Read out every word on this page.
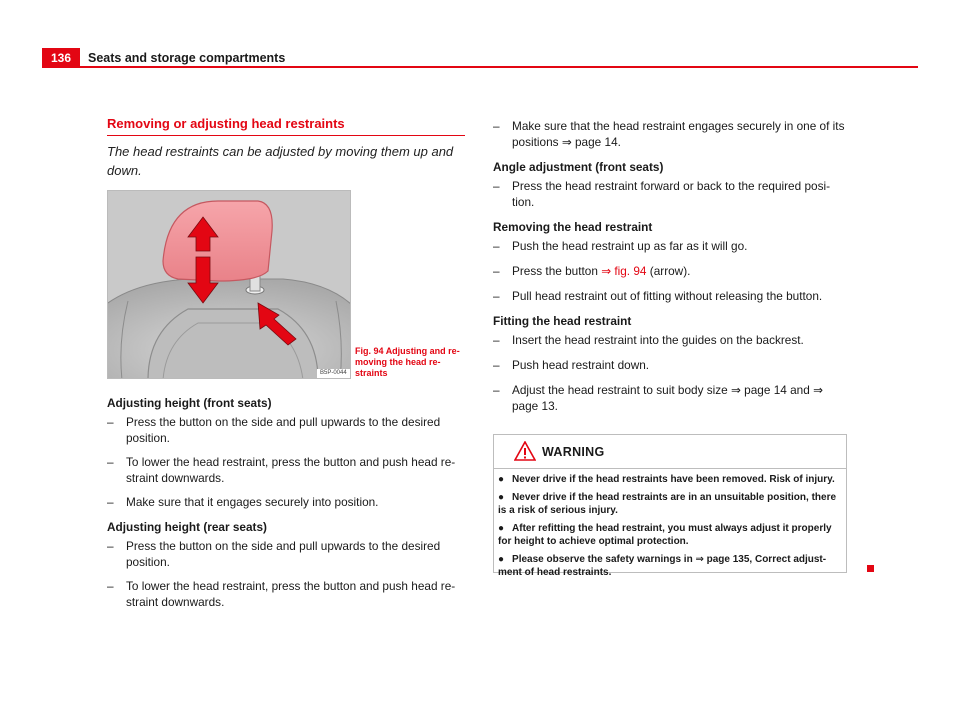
136	Seats and storage compartments
Removing or adjusting head restraints
The head restraints can be adjusted by moving them up and down.
B5P-0044
Fig. 94 Adjusting and re-moving the head re-straints
Adjusting height (front seats)
– Press the button on the side and pull upwards to the desired position.
– To lower the head restraint, press the button and push head re-straint downwards.
– Make sure that it engages securely into position.
Adjusting height (rear seats)
– Press the button on the side and pull upwards to the desired position.
– To lower the head restraint, press the button and push head re-straint downwards.
– Make sure that the head restraint engages securely in one of its positions ⇒ page 14.
Angle adjustment (front seats)
– Press the head restraint forward or back to the required posi-tion.
Removing the head restraint
– Push the head restraint up as far as it will go.
– Press the button ⇒ fig. 94 (arrow).
– Pull head restraint out of fitting without releasing the button.
Fitting the head restraint
– Insert the head restraint into the guides on the backrest.
– Push head restraint down.
– Adjust the head restraint to suit body size ⇒ page 14 and ⇒ page 13.
WARNING
● Never drive if the head restraints have been removed. Risk of injury.
● Never drive if the head restraints are in an unsuitable position, there is a risk of serious injury.
● After refitting the head restraint, you must always adjust it properly for height to achieve optimal protection.
● Please observe the safety warnings in ⇒ page 135, Correct adjust-ment of head restraints.
